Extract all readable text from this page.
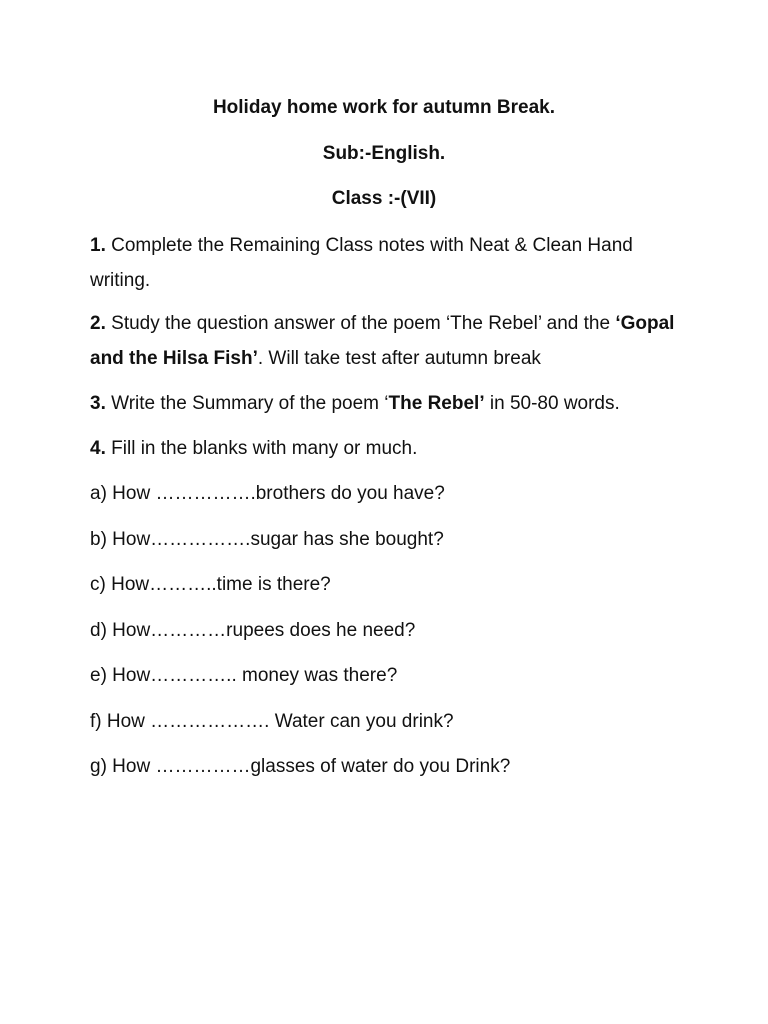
Holiday home work for autumn Break.
Sub:-English.
Class :-(VII)
1. Complete the Remaining Class notes with Neat & Clean Hand writing.
2. Study the question answer of the poem ‘The Rebel’ and the ‘Gopal and the Hilsa Fish’. Will take test after autumn break
3. Write the Summary of the poem ‘The Rebel’ in 50-80 words.
4. Fill in the blanks with many or much.
a) How …………….brothers do you have?
b) How…………….sugar has she bought?
c) How………..time is there?
d) How…………rupees does he need?
e) How………….. money was there?
f) How ………………. Water can you drink?
g) How ……………glasses of water do you Drink?
